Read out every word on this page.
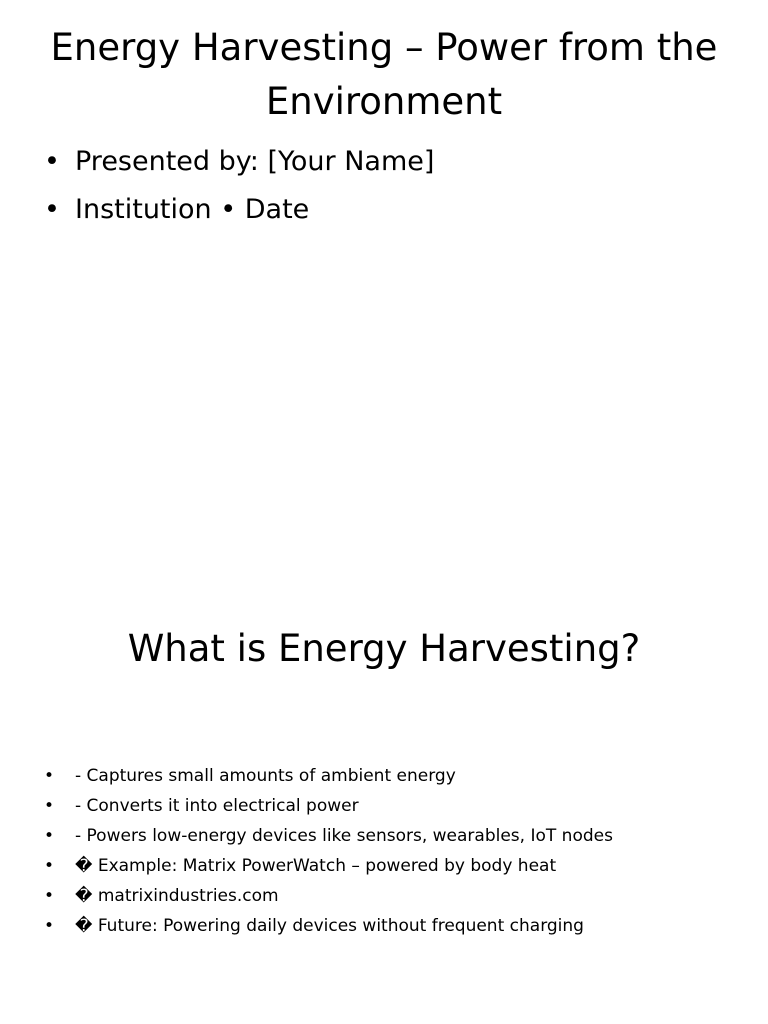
Energy Harvesting – Power from the Environment
• Presented by: [Your Name]
• Institution • Date
What is Energy Harvesting?
• - Captures small amounts of ambient energy
• - Converts it into electrical power
• - Powers low-energy devices like sensors, wearables, IoT nodes
• � Example: Matrix PowerWatch – powered by body heat
• � matrixindustries.com
• � Future: Powering daily devices without frequent charging
